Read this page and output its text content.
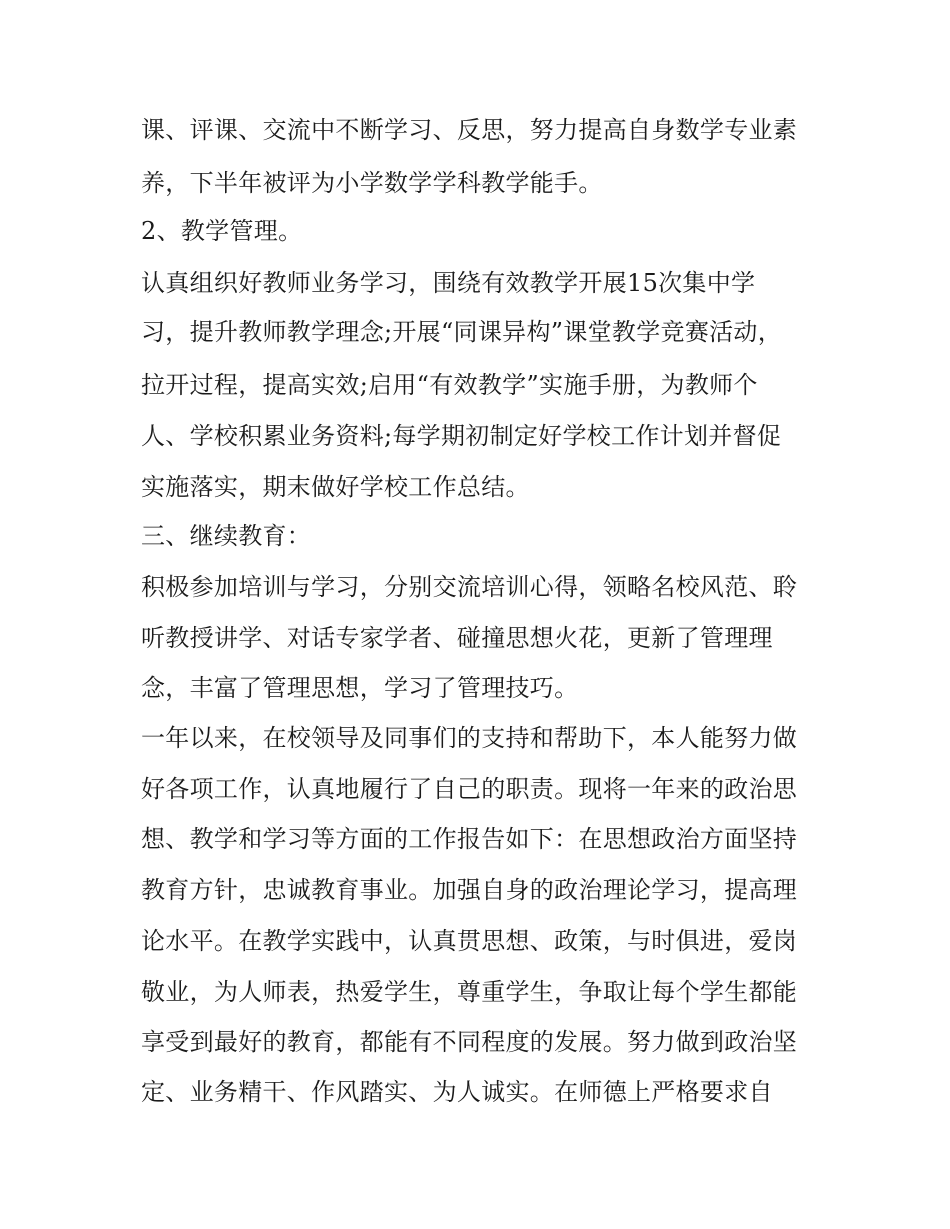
课、评课、交流中不断学习、反思，努力提高自身数学专业素
养，下半年被评为小学数学学科教学能手。
2、教学管理。
认真组织好教师业务学习，围绕有效教学开展15次集中学
习，提升教师教学理念;开展“同课异构”课堂教学竞赛活动，
拉开过程，提高实效;启用“有效教学”实施手册，为教师个
人、学校积累业务资料;每学期初制定好学校工作计划并督促
实施落实，期末做好学校工作总结。
三、继续教育：
积极参加培训与学习，分别交流培训心得，领略名校风范、聆
听教授讲学、对话专家学者、碰撞思想火花，更新了管理理
念，丰富了管理思想，学习了管理技巧。
一年以来，在校领导及同事们的支持和帮助下，本人能努力做
好各项工作，认真地履行了自己的职责。现将一年来的政治思
想、教学和学习等方面的工作报告如下：在思想政治方面坚持
教育方针，忠诚教育事业。加强自身的政治理论学习，提高理
论水平。在教学实践中，认真贯思想、政策，与时俱进，爱岗
敬业，为人师表，热爱学生，尊重学生，争取让每个学生都能
享受到最好的教育，都能有不同程度的发展。努力做到政治坚
定、业务精干、作风踏实、为人诚实。在师德上严格要求自
